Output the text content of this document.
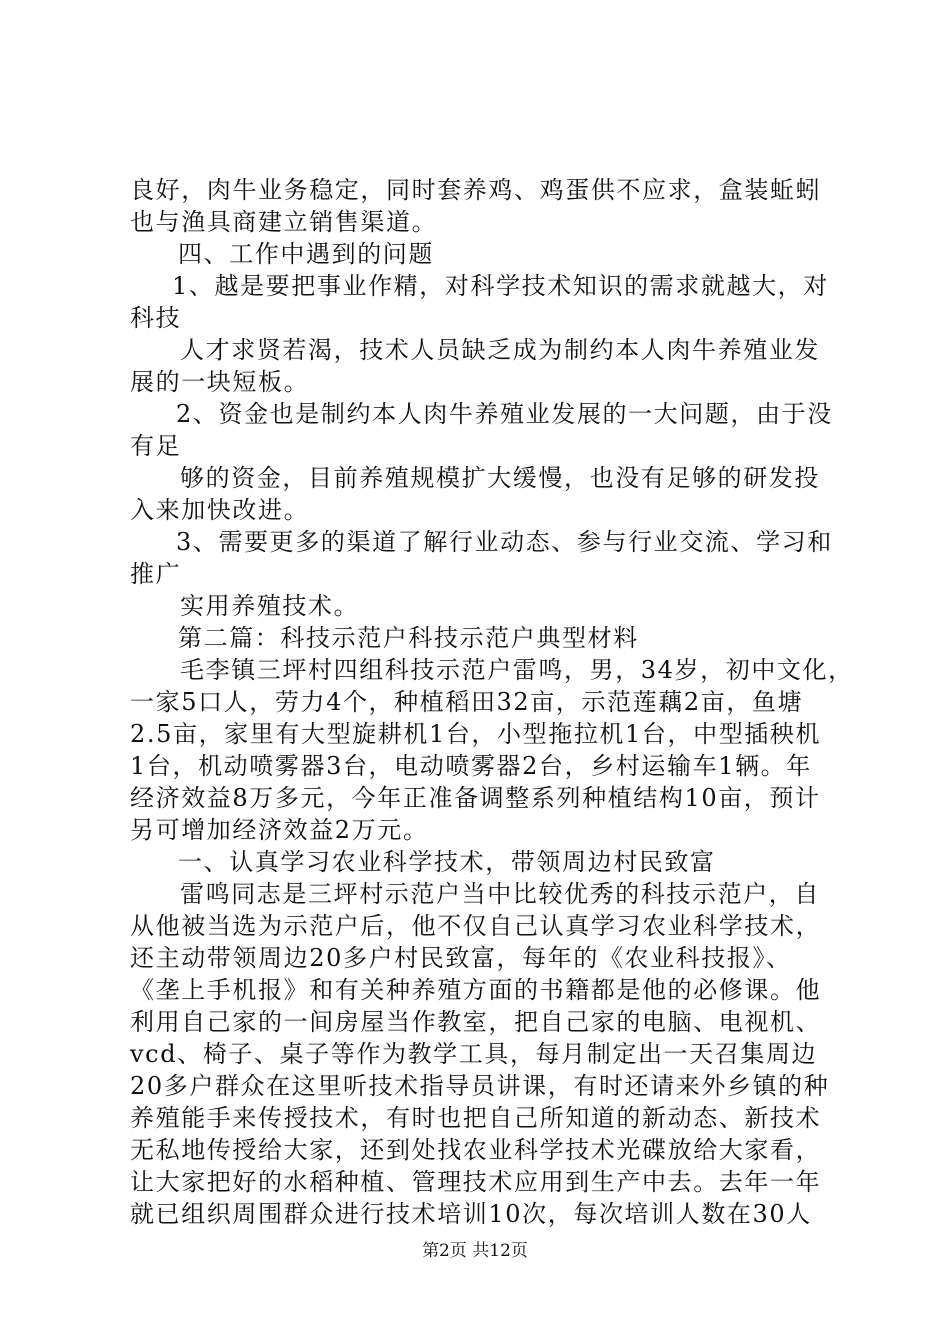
良好，肉牛业务稳定，同时套养鸡、鸡蛋供不应求，盒装蚯蚓
也与渔具商建立销售渠道。
四、工作中遇到的问题
1、越是要把事业作精，对科学技术知识的需求就越大，对
科技
人才求贤若渴，技术人员缺乏成为制约本人肉牛养殖业发
展的一块短板。
2、资金也是制约本人肉牛养殖业发展的一大问题，由于没
有足
够的资金，目前养殖规模扩大缓慢，也没有足够的研发投
入来加快改进。
3、需要更多的渠道了解行业动态、参与行业交流、学习和
推广
实用养殖技术。
第二篇：科技示范户科技示范户典型材料
毛李镇三坪村四组科技示范户雷鸣，男，34岁，初中文化，
一家5口人，劳力4个，种植稻田32亩，示范莲藕2亩，鱼塘
2.5亩，家里有大型旋耕机1台，小型拖拉机1台，中型插秧机
1台，机动喷雾器3台，电动喷雾器2台，乡村运输车1辆。年
经济效益8万多元，今年正准备调整系列种植结构10亩，预计
另可增加经济效益2万元。
一、认真学习农业科学技术，带领周边村民致富
雷鸣同志是三坪村示范户当中比较优秀的科技示范户，自
从他被当选为示范户后，他不仅自己认真学习农业科学技术，
还主动带领周边20多户村民致富，每年的《农业科技报》、
《垄上手机报》和有关种养殖方面的书籍都是他的必修课。他
利用自己家的一间房屋当作教室，把自己家的电脑、电视机、
vcd、椅子、桌子等作为教学工具，每月制定出一天召集周边
20多户群众在这里听技术指导员讲课，有时还请来外乡镇的种
养殖能手来传授技术，有时也把自己所知道的新动态、新技术
无私地传授给大家，还到处找农业科学技术光碟放给大家看，
让大家把好的水稻种植、管理技术应用到生产中去。去年一年
就已组织周围群众进行技术培训10次，每次培训人数在30人
第2页 共12页
